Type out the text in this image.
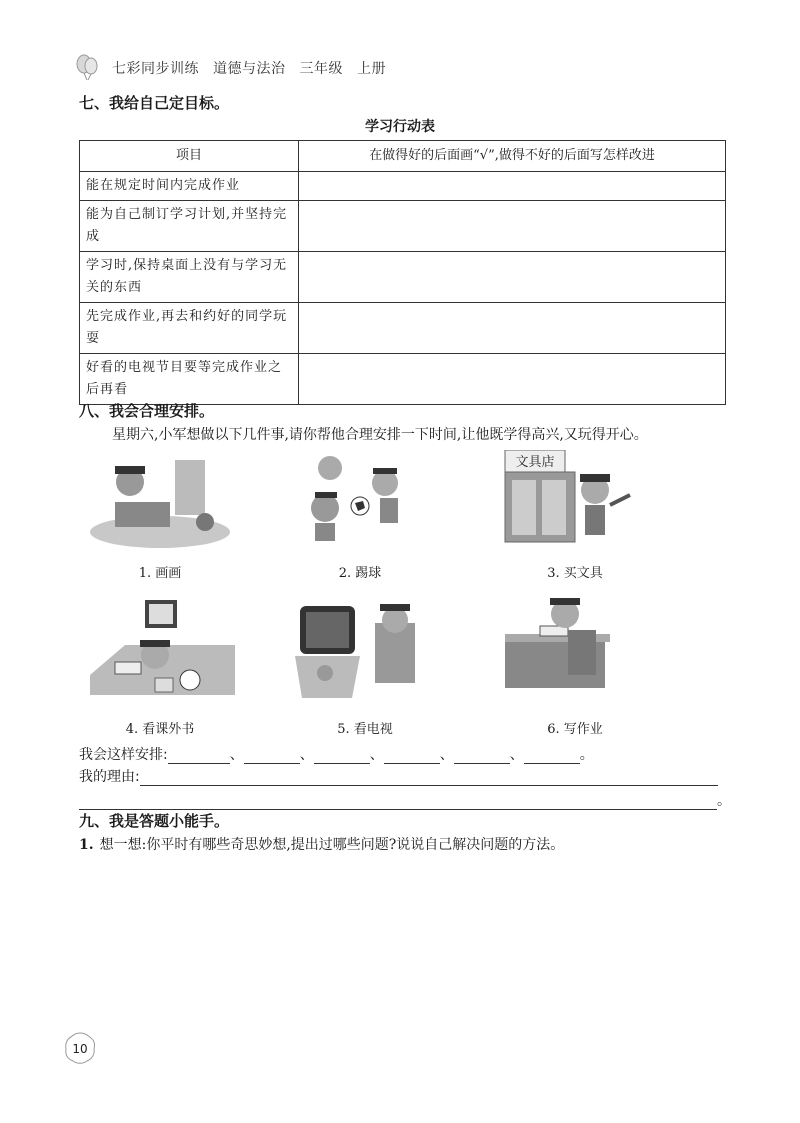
七彩同步训练 道德与法治 三年级 上册
七、我给自己定目标。
学习行动表
项目	在做得好的后面画“√”,做得不好的后面写怎样改进
能在规定时间内完成作业	
能为自己制订学习计划,并坚持完成	
学习时,保持桌面上没有与学习无关的东西	
先完成作业,再去和约好的同学玩耍	
好看的电视节目要等完成作业之后再看	
八、我会合理安排。
星期六,小军想做以下几件事,请你帮他合理安排一下时间,让他既学得高兴,又玩得开心。
文具店
1. 画画	2. 踢球	3. 买文具
4. 看课外书	5. 看电视	6. 写作业
我会这样安排:	、	、	、	、	、	。
我的理由:
。
九、我是答题小能手。
1. 想一想:你平时有哪些奇思妙想,提出过哪些问题?说说自己解决问题的方法。
10
